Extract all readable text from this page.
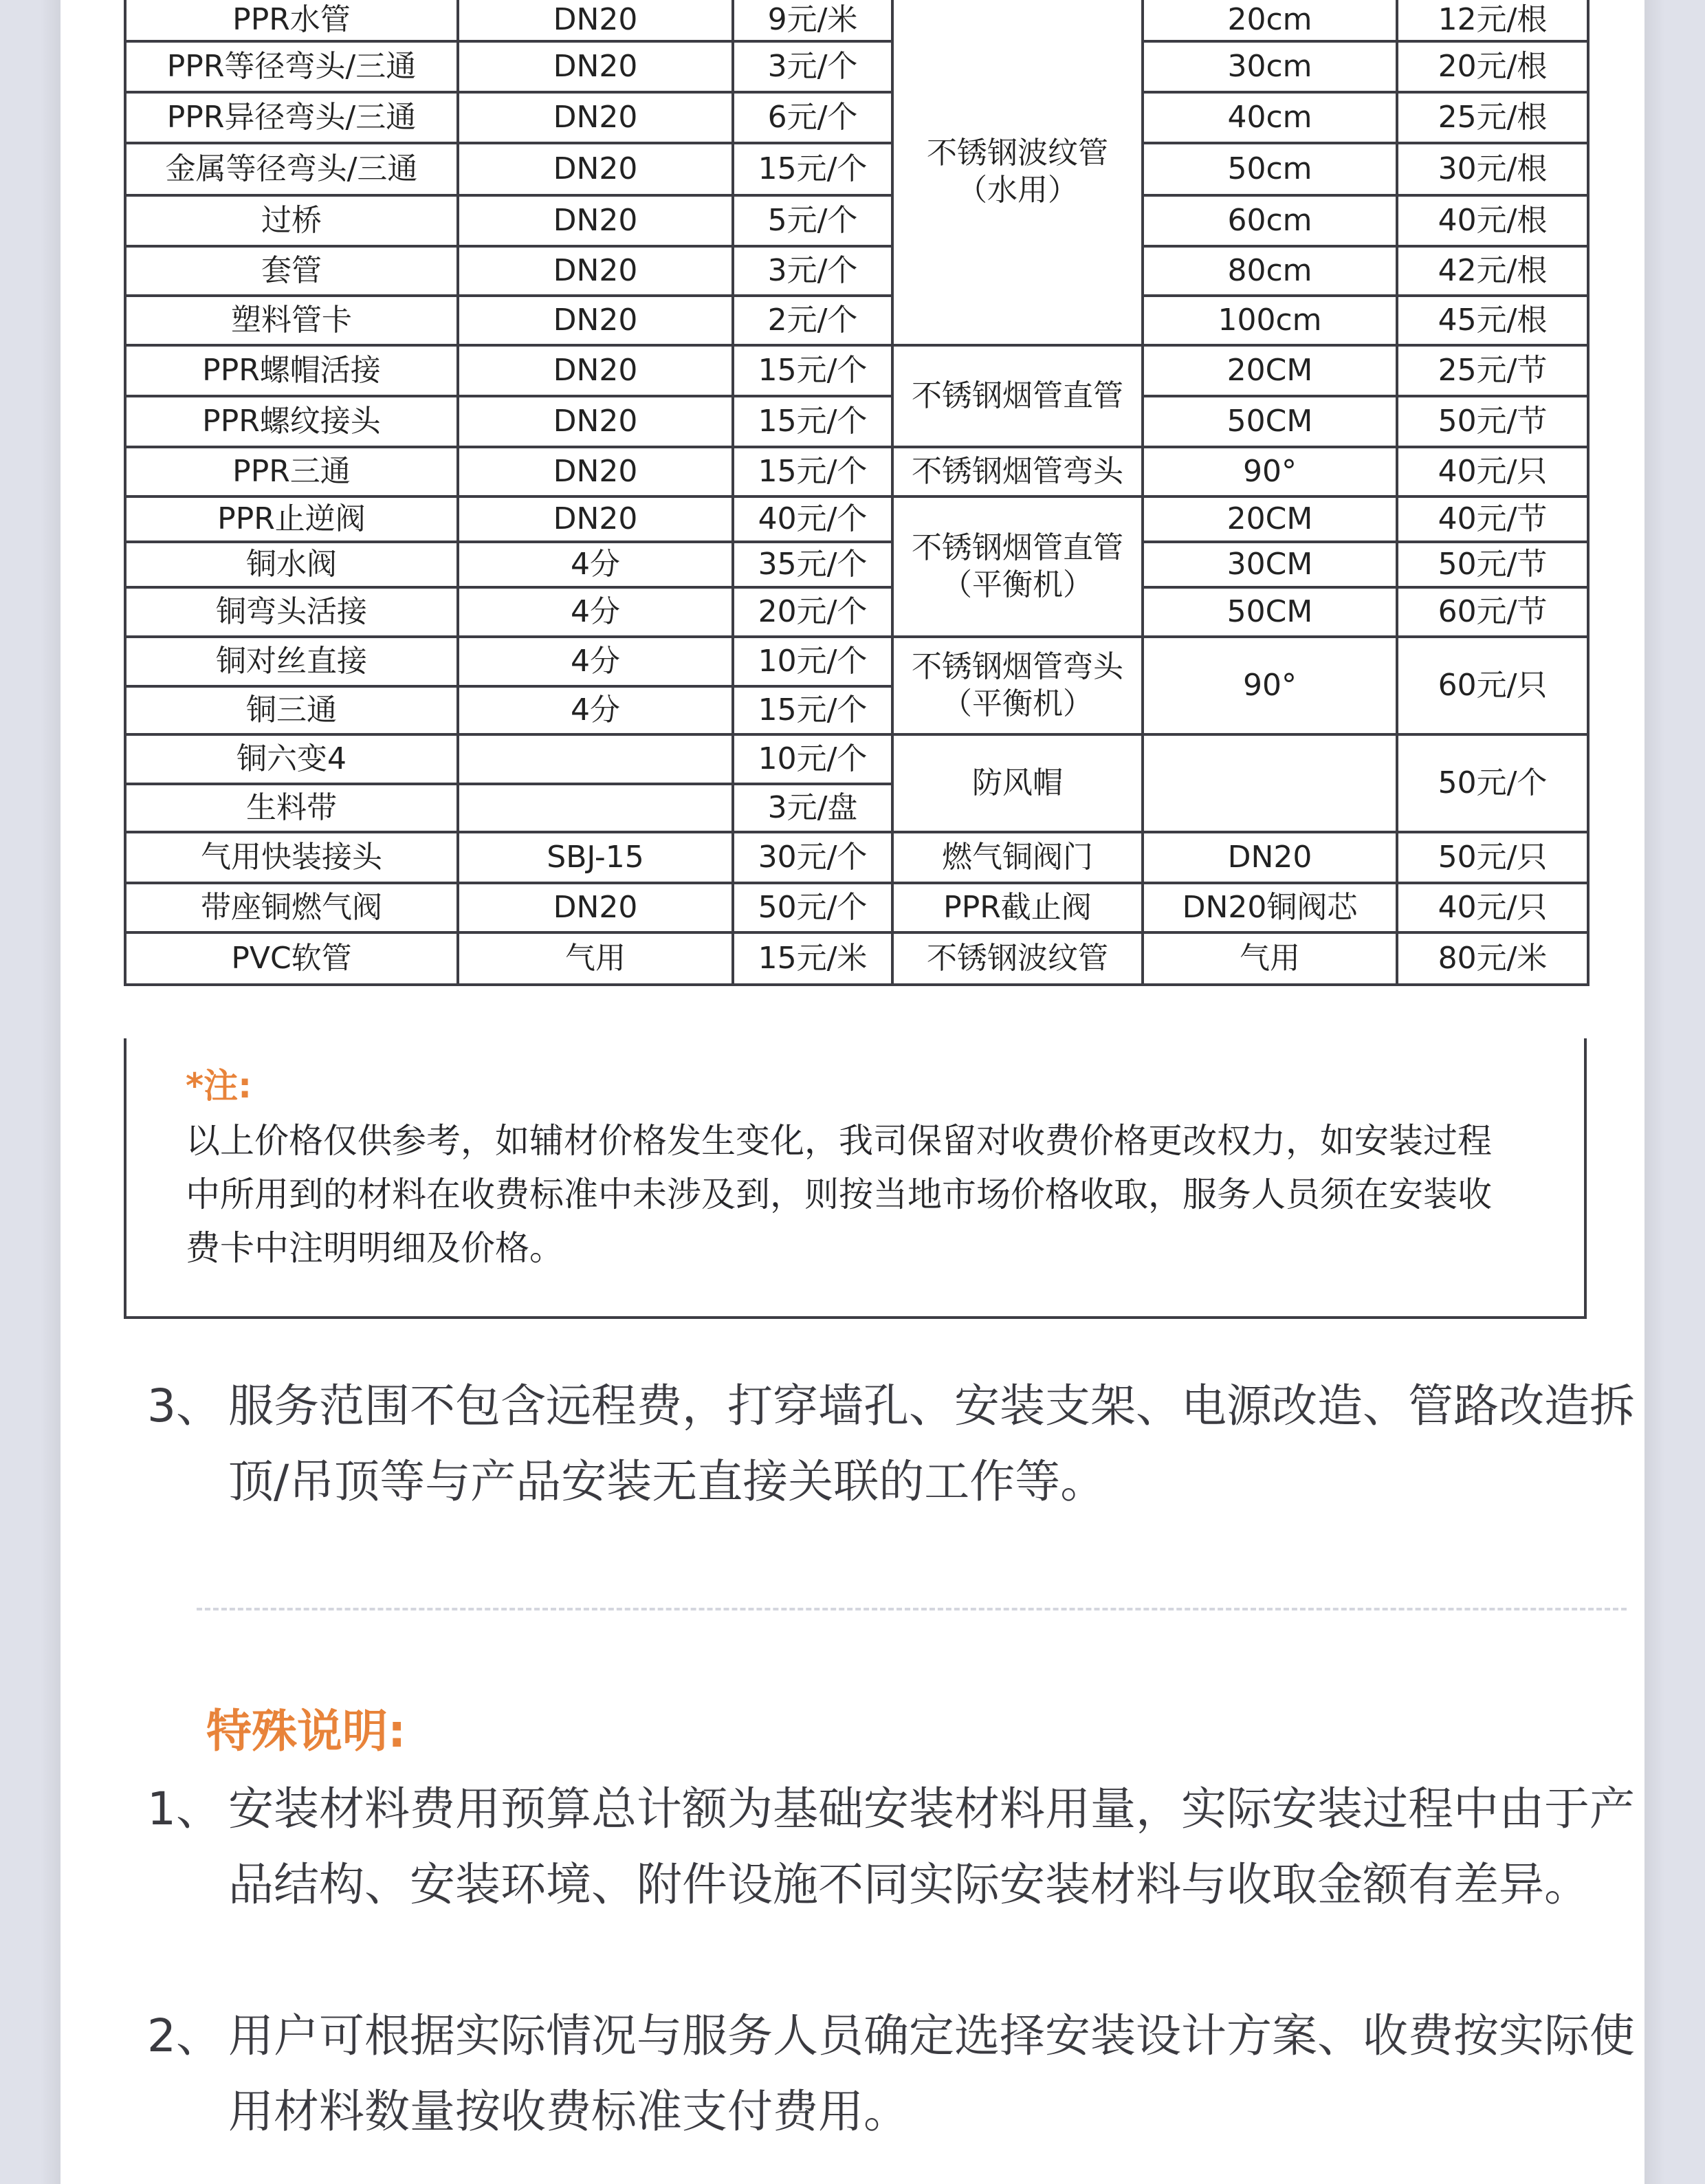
PPR水管	DN20	9元/米	不锈钢波纹管（水用）	20cm	12元/根
PPR等径弯头/三通	DN20	3元/个		30cm	20元/根
PPR异径弯头/三通	DN20	6元/个		40cm	25元/根
金属等径弯头/三通	DN20	15元/个		50cm	30元/根
过桥	DN20	5元/个		60cm	40元/根
套管	DN20	3元/个		80cm	42元/根
塑料管卡	DN20	2元/个		100cm	45元/根
PPR螺帽活接	DN20	15元/个	不锈钢烟管直管	20CM	25元/节
PPR螺纹接头	DN20	15元/个		50CM	50元/节
PPR三通	DN20	15元/个	不锈钢烟管弯头	90°	40元/只
PPR止逆阀	DN20	40元/个	不锈钢烟管直管（平衡机）	20CM	40元/节
铜水阀	4分	35元/个		30CM	50元/节
铜弯头活接	4分	20元/个		50CM	60元/节
铜对丝直接	4分	10元/个	不锈钢烟管弯头（平衡机）	90°	60元/只
铜三通	4分	15元/个			
铜六变4		10元/个	防风帽		50元/个
生料带		3元/盘			
气用快装接头	SBJ-15	30元/个	燃气铜阀门	DN20	50元/只
带座铜燃气阀	DN20	50元/个	PPR截止阀	DN20铜阀芯	40元/只
PVC软管	气用	15元/米	不锈钢波纹管	气用	80元/米
*注:
以上价格仅供参考，如辅材价格发生变化，我司保留对收费价格更改权力，如安装过程中所用到的材料在收费标准中未涉及到，则按当地市场价格收取，服务人员须在安装收费卡中注明明细及价格。
3、 服务范围不包含远程费，打穿墙孔、安装支架、电源改造、管路改造拆顶/吊顶等与产品安装无直接关联的工作等。
特殊说明:
1、 安装材料费用预算总计额为基础安装材料用量，实际安装过程中由于产品结构、安装环境、附件设施不同实际安装材料与收取金额有差异。
2、 用户可根据实际情况与服务人员确定选择安装设计方案、收费按实际使用材料数量按收费标准支付费用。
